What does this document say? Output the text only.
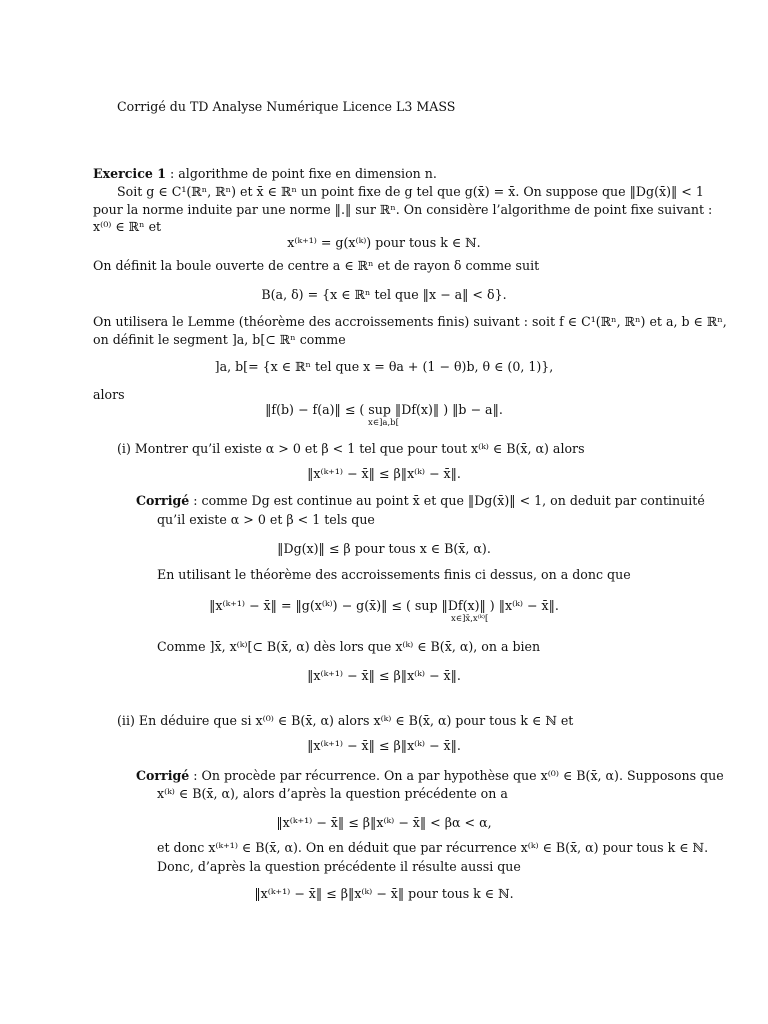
Corrigé du TD Analyse Numérique Licence L3 MASS
Exercice 1 : algorithme de point fixe en dimension n.
Soit g ∈ C¹(ℝⁿ, ℝⁿ) et x̄ ∈ ℝⁿ un point fixe de g tel que g(x̄) = x̄. On suppose que ‖Dg(x̄)‖ < 1
pour la norme induite par une norme ‖.‖ sur ℝⁿ. On considère l’algorithme de point fixe suivant :
x⁽⁰⁾ ∈ ℝⁿ et
x⁽ᵏ⁺¹⁾ = g(x⁽ᵏ⁾) pour tous k ∈ ℕ.
On définit la boule ouverte de centre a ∈ ℝⁿ et de rayon δ comme suit
B(a, δ) = {x ∈ ℝⁿ tel que ‖x − a‖ < δ}.
On utilisera le Lemme (théorème des accroissements finis) suivant : soit f ∈ C¹(ℝⁿ, ℝⁿ) et a, b ∈ ℝⁿ,
on définit le segment ]a, b[⊂ ℝⁿ comme
]a, b[= {x ∈ ℝⁿ tel que x = θa + (1 − θ)b, θ ∈ (0, 1)},
alors
‖f(b) − f(a)‖ ≤ ( sup ‖Df(x)‖ ) ‖b − a‖.
x∈]a,b[
(i) Montrer qu’il existe α > 0 et β < 1 tel que pour tout x⁽ᵏ⁾ ∈ B(x̄, α) alors
‖x⁽ᵏ⁺¹⁾ − x̄‖ ≤ β‖x⁽ᵏ⁾ − x̄‖.
Corrigé : comme Dg est continue au point x̄ et que ‖Dg(x̄)‖ < 1, on deduit par continuité
qu’il existe α > 0 et β < 1 tels que
‖Dg(x)‖ ≤ β pour tous x ∈ B(x̄, α).
En utilisant le théorème des accroissements finis ci dessus, on a donc que
‖x⁽ᵏ⁺¹⁾ − x̄‖ = ‖g(x⁽ᵏ⁾) − g(x̄)‖ ≤ ( sup ‖Df(x)‖ ) ‖x⁽ᵏ⁾ − x̄‖.
x∈]x̄,x⁽ᵏ⁾[
Comme ]x̄, x⁽ᵏ⁾[⊂ B(x̄, α) dès lors que x⁽ᵏ⁾ ∈ B(x̄, α), on a bien
‖x⁽ᵏ⁺¹⁾ − x̄‖ ≤ β‖x⁽ᵏ⁾ − x̄‖.
(ii) En déduire que si x⁽⁰⁾ ∈ B(x̄, α) alors x⁽ᵏ⁾ ∈ B(x̄, α) pour tous k ∈ ℕ et
‖x⁽ᵏ⁺¹⁾ − x̄‖ ≤ β‖x⁽ᵏ⁾ − x̄‖.
Corrigé : On procède par récurrence. On a par hypothèse que x⁽⁰⁾ ∈ B(x̄, α). Supposons que
x⁽ᵏ⁾ ∈ B(x̄, α), alors d’après la question précédente on a
‖x⁽ᵏ⁺¹⁾ − x̄‖ ≤ β‖x⁽ᵏ⁾ − x̄‖ < βα < α,
et donc x⁽ᵏ⁺¹⁾ ∈ B(x̄, α). On en déduit que par récurrence x⁽ᵏ⁾ ∈ B(x̄, α) pour tous k ∈ ℕ.
Donc, d’après la question précédente il résulte aussi que
‖x⁽ᵏ⁺¹⁾ − x̄‖ ≤ β‖x⁽ᵏ⁾ − x̄‖ pour tous k ∈ ℕ.
